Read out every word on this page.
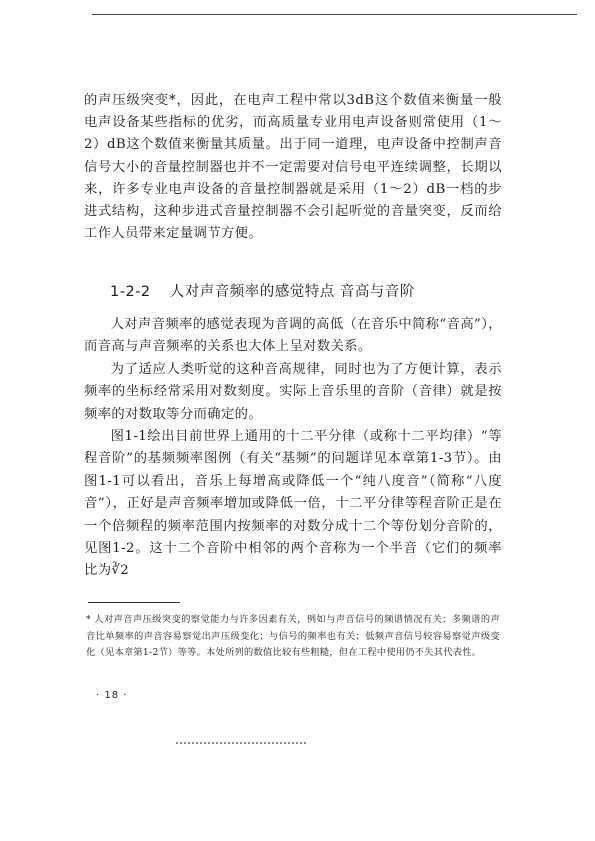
的声压级突变*，因此，在电声工程中常以3dB这个数值来衡量一般电声设备某些指标的优劣，而高质量专业用电声设备则常使用（1～2）dB这个数值来衡量其质量。出于同一道理，电声设备中控制声音信号大小的音量控制器也并不一定需要对信号电平连续调整，长期以来，许多专业电声设备的音量控制器就是采用（1～2）dB一档的步进式结构，这种步进式音量控制器不会引起听觉的音量突变，反而给工作人员带来定量调节方便。

1-2-2 人对声音频率的感觉特点 音高与音阶

人对声音频率的感觉表现为音调的高低（在音乐中简称“音高”），而音高与声音频率的关系也大体上呈对数关系。

为了适应人类听觉的这种音高规律，同时也为了方便计算，表示频率的坐标经常采用对数刻度。实际上音乐里的音阶（音律）就是按频率的对数取等分而确定的。

图1-1绘出目前世界上通用的十二平分律（或称十二平均律）“等程音阶”的基频频率图例（有关“基频”的问题详见本章第1-3节）。由图1-1可以看出，音乐上每增高或降低一个“纯八度音”（简称“八度音”），正好是声音频率增加或降低一倍，十二平分律等程音阶正是在一个倍频程的频率范围内按频率的对数分成十二个等份划分音阶的，见图1-2。这十二个音阶中相邻的两个音称为一个半音（它们的频率比为∛2

* 人对声音声压级突变的察觉能力与许多因素有关，例如与声音信号的频谱情况有关；多频谱的声音比单频率的声音容易察觉出声压级变化；与信号的频率也有关；低频声音信号较容易察觉声级变化（见本章第1-2节）等等。本处所列的数值比较有些粗糙，但在工程中使用仍不失其代表性。

· 18 ·
